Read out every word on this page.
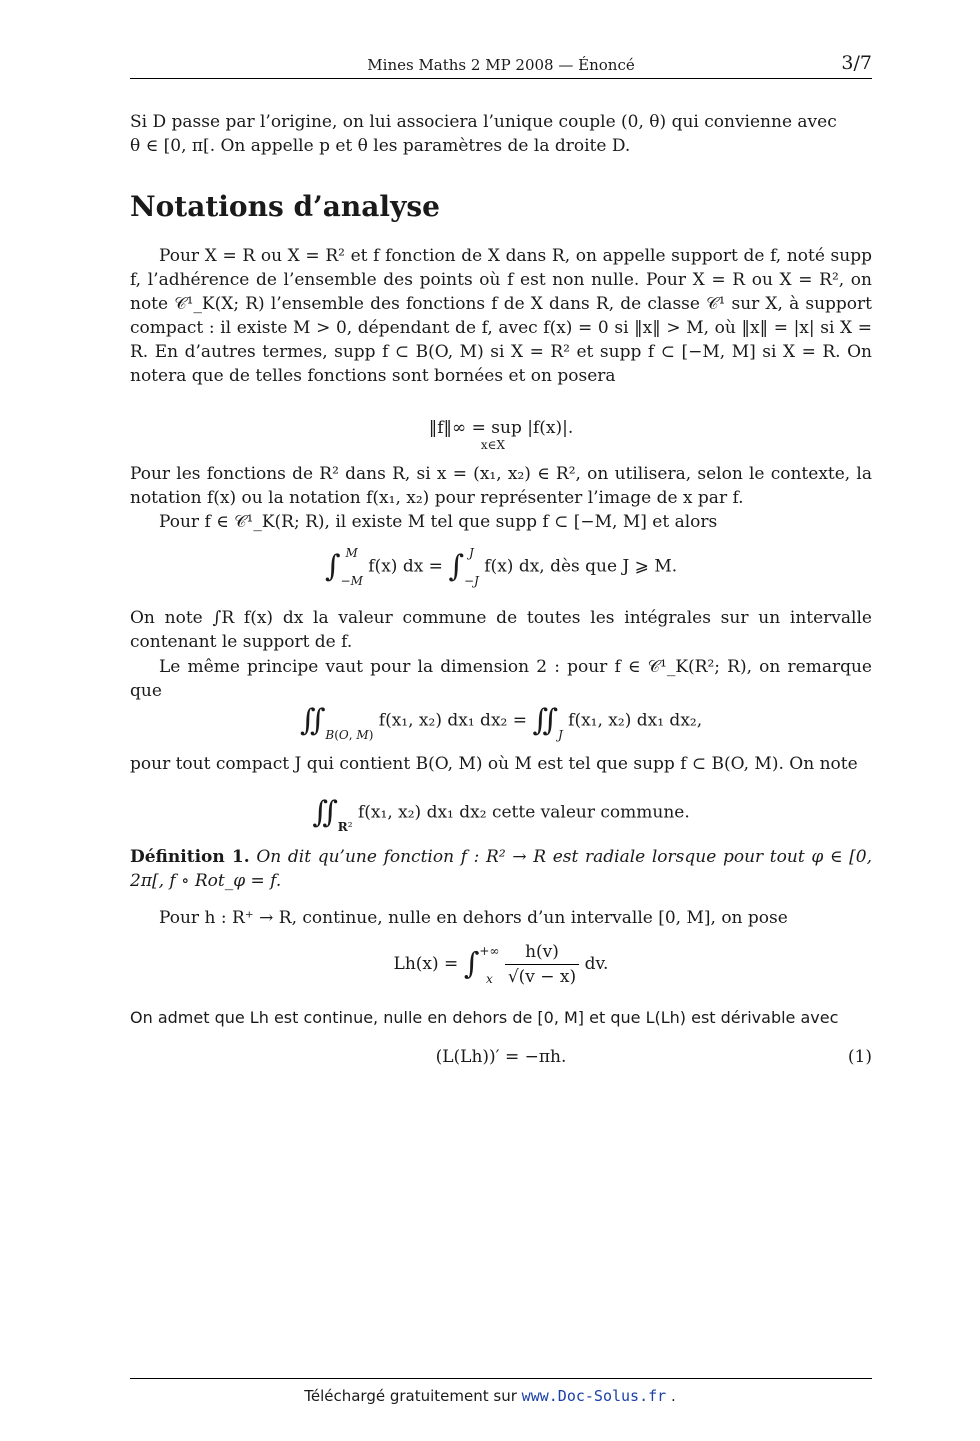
Mines Maths 2 MP 2008 — Énoncé	3/7
Si D passe par l’origine, on lui associera l’unique couple (0, θ) qui convienne avec
θ ∈ [0, π[. On appelle p et θ les paramètres de la droite D.
Notations d’analyse
Pour X = R ou X = R² et f fonction de X dans R, on appelle support de f, noté supp f, l’adhérence de l’ensemble des points où f est non nulle. Pour X = R ou X = R², on note 𝒞¹_K(X; R) l’ensemble des fonctions f de X dans R, de classe 𝒞¹ sur X, à support compact : il existe M > 0, dépendant de f, avec f(x) = 0 si ‖x‖ > M, où ‖x‖ = |x| si X = R. En d’autres termes, supp f ⊂ B(O, M) si X = R² et supp f ⊂ [−M, M] si X = R. On notera que de telles fonctions sont bornées et on posera
‖f‖∞ = sup |f(x)|.
$^{x\in X}$
Pour les fonctions de R² dans R, si x = (x₁, x₂) ∈ R², on utilisera, selon le contexte, la notation f(x) ou la notation f(x₁, x₂) pour représenter l’image de x par f.
Pour f ∈ 𝒞¹_K(R; R), il existe M tel que supp f ⊂ [−M, M] et alors
∫ M

−M f(x) dx = ∫ J

−J f(x) dx, dès que J ⩾ M.
On note ∫R f(x) dx la valeur commune de toutes les intégrales sur un intervalle contenant le support de f.
Le même principe vaut pour la dimension 2 : pour f ∈ 𝒞¹_K(R²; R), on remarque que
∬

B(O, M) f(x₁, x₂) dx₁ dx₂ = ∬

J f(x₁, x₂) dx₁ dx₂,
pour tout compact J qui contient B(O, M) où M est tel que supp f ⊂ B(O, M). On note
∬

R² f(x₁, x₂) dx₁ dx₂ cette valeur commune.
Définition 1. On dit qu’une fonction f : R² → R est radiale lorsque pour tout φ ∈ [0, 2π[, f ∘ Rot_φ = f.
Pour h : R⁺ → R, continue, nulle en dehors d’un intervalle [0, M], on pose
Lh(x) = ∫+∞

x $\frac{h(v)}{√(v - x)}$ dv.
On admet que Lh est continue, nulle en dehors de [0, M] et que L(Lh) est dérivable avec
(L(Lh))′ = −πh.	(1)
Téléchargé gratuitement sur www.Doc-Solus.fr .
